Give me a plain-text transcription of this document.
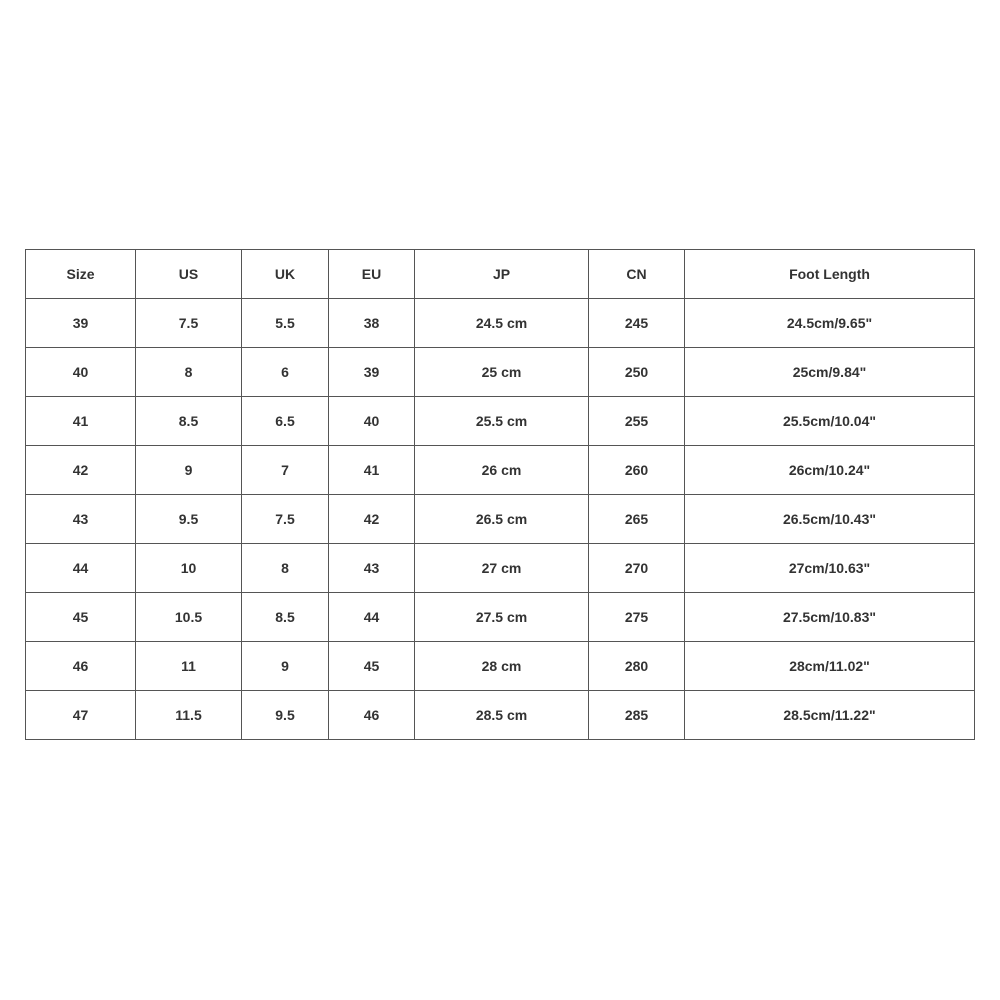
Size	US	UK	EU	JP	CN	Foot Length
39	7.5	5.5	38	24.5 cm	245	24.5cm/9.65"
40	8	6	39	25 cm	250	25cm/9.84"
41	8.5	6.5	40	25.5 cm	255	25.5cm/10.04"
42	9	7	41	26 cm	260	26cm/10.24"
43	9.5	7.5	42	26.5 cm	265	26.5cm/10.43"
44	10	8	43	27 cm	270	27cm/10.63"
45	10.5	8.5	44	27.5 cm	275	27.5cm/10.83"
46	11	9	45	28 cm	280	28cm/11.02"
47	11.5	9.5	46	28.5 cm	285	28.5cm/11.22"
